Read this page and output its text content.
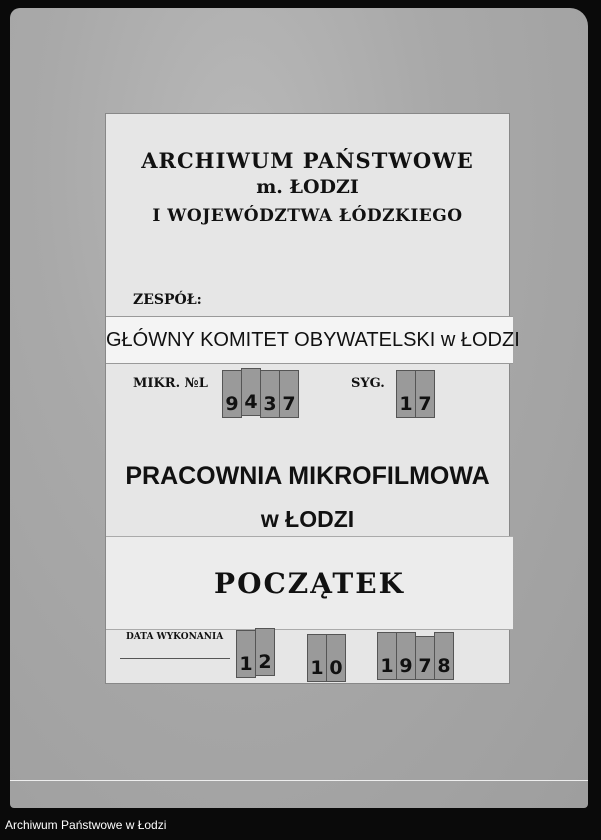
ARCHIWUM PAŃSTWOWE
m. ŁODZI
I WOJEWÓDZTWA ŁÓDZKIEGO
ZESPÓŁ:
GŁÓWNY KOMITET OBYWATELSKI w ŁODZI
MIKR. №L
9 4 3 7
SYG.
1 7
PRACOWNIA MIKROFILMOWA
w ŁODZI
POCZĄTEK
DATA WYKONANIA
1 2 1 0 1 9 7 8
Archiwum Państwowe w Łodzi
